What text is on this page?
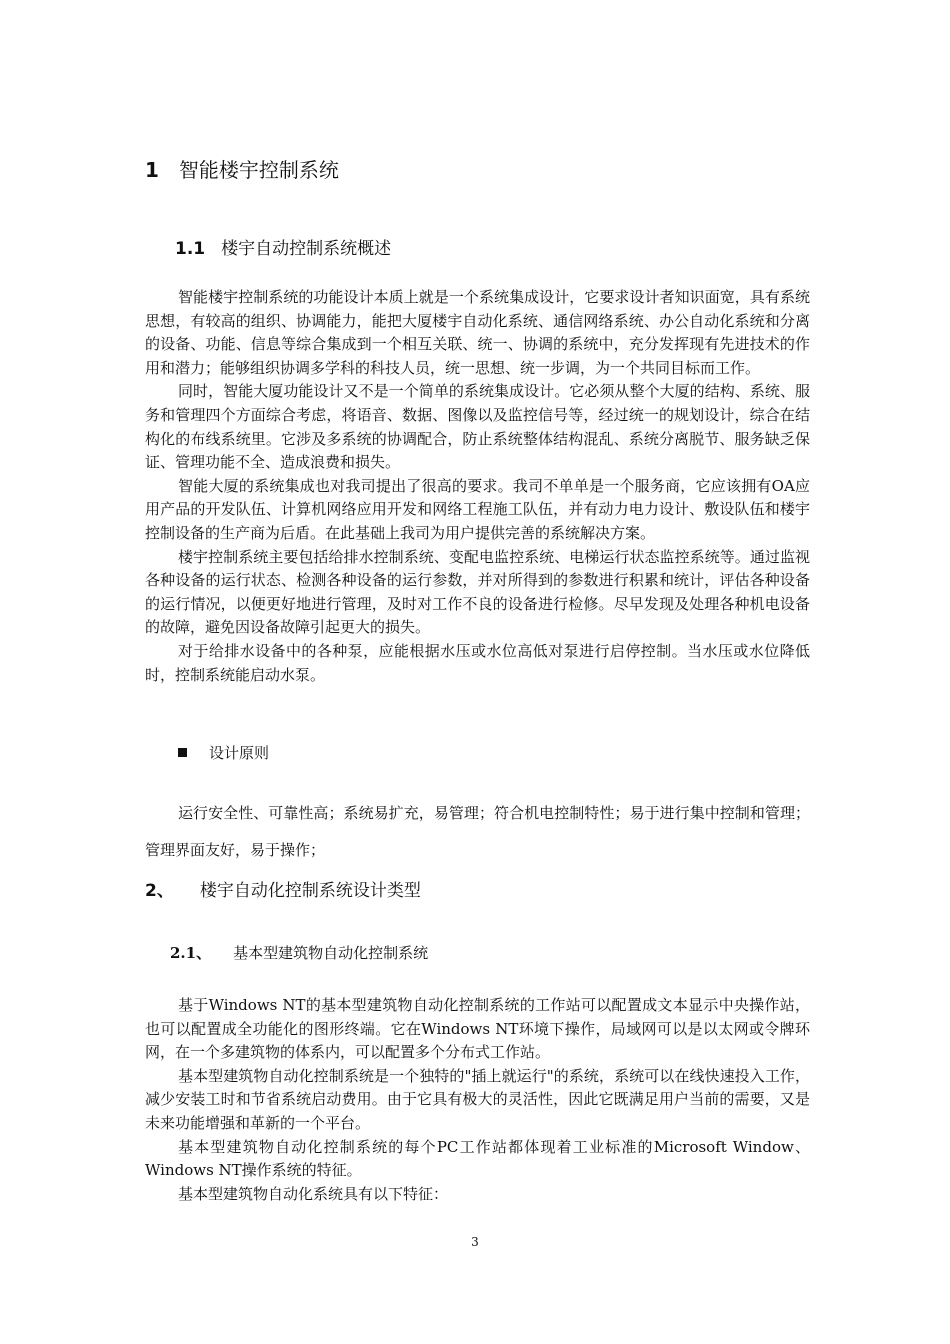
1 智能楼宇控制系统
1.1 楼宇自动控制系统概述

智能楼宇控制系统的功能设计本质上就是一个系统集成设计，它要求设计者知识面宽，具有系统思想，有较高的组织、协调能力，能把大厦楼宇自动化系统、通信网络系统、办公自动化系统和分离的设备、功能、信息等综合集成到一个相互关联、统一、协调的系统中，充分发挥现有先进技术的作用和潜力；能够组织协调多学科的科技人员，统一思想、统一步调，为一个共同目标而工作。

同时，智能大厦功能设计又不是一个简单的系统集成设计。它必须从整个大厦的结构、系统、服务和管理四个方面综合考虑，将语音、数据、图像以及监控信号等，经过统一的规划设计，综合在结构化的布线系统里。它涉及多系统的协调配合，防止系统整体结构混乱、系统分离脱节、服务缺乏保证、管理功能不全、造成浪费和损失。

智能大厦的系统集成也对我司提出了很高的要求。我司不单单是一个服务商，它应该拥有OA应用产品的开发队伍、计算机网络应用开发和网络工程施工队伍，并有动力电力设计、敷设队伍和楼宇控制设备的生产商为后盾。在此基础上我司为用户提供完善的系统解决方案。

楼宇控制系统主要包括给排水控制系统、变配电监控系统、电梯运行状态监控系统等。通过监视各种设备的运行状态、检测各种设备的运行参数，并对所得到的参数进行积累和统计，评估各种设备的运行情况，以便更好地进行管理，及时对工作不良的设备进行检修。尽早发现及处理各种机电设备的故障，避免因设备故障引起更大的损失。

对于给排水设备中的各种泵，应能根据水压或水位高低对泵进行启停控制。当水压或水位降低时，控制系统能启动水泵。

设计原则

运行安全性、可靠性高；系统易扩充，易管理；符合机电控制特性；易于进行集中控制和管理；管理界面友好，易于操作；

2、 楼宇自动化控制系统设计类型
2.1、 基本型建筑物自动化控制系统

基于Windows NT的基本型建筑物自动化控制系统的工作站可以配置成文本显示中央操作站，也可以配置成全功能化的图形终端。它在Windows NT环境下操作，局域网可以是以太网或令牌环网，在一个多建筑物的体系内，可以配置多个分布式工作站。

基本型建筑物自动化控制系统是一个独特的"插上就运行"的系统，系统可以在线快速投入工作，减少安装工时和节省系统启动费用。由于它具有极大的灵活性，因此它既满足用户当前的需要，又是未来功能增强和革新的一个平台。

基本型建筑物自动化控制系统的每个PC工作站都体现着工业标准的Microsoft Window、Windows NT操作系统的特征。

基本型建筑物自动化系统具有以下特征：

3
